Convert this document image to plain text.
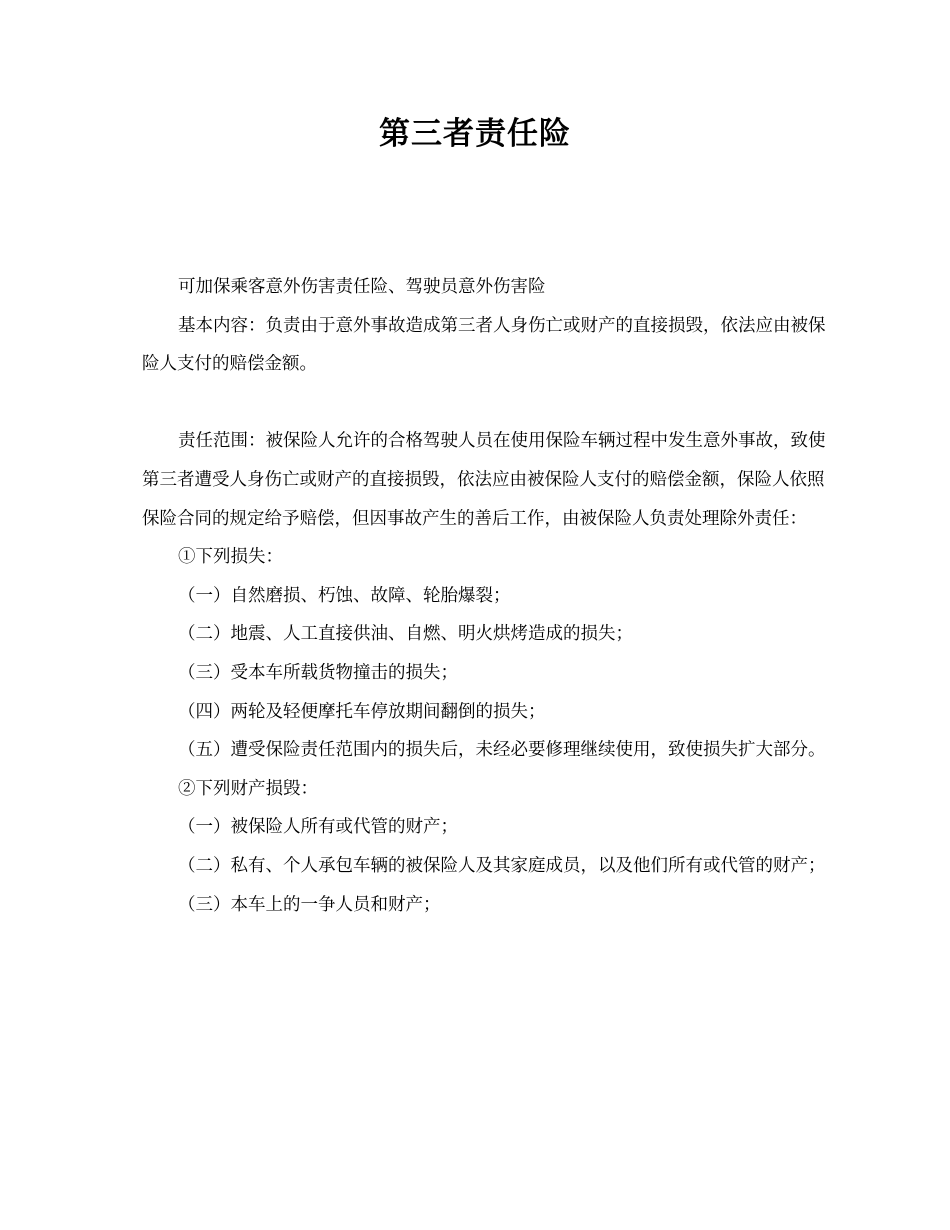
第三者责任险

可加保乘客意外伤害责任险、驾驶员意外伤害险

基本内容：负责由于意外事故造成第三者人身伤亡或财产的直接损毁，依法应由被保险人支付的赔偿金额。

责任范围：被保险人允许的合格驾驶人员在使用保险车辆过程中发生意外事故，致使第三者遭受人身伤亡或财产的直接损毁，依法应由被保险人支付的赔偿金额，保险人依照保险合同的规定给予赔偿，但因事故产生的善后工作，由被保险人负责处理除外责任：

①下列损失：

（一）自然磨损、朽蚀、故障、轮胎爆裂；

（二）地震、人工直接供油、自燃、明火烘烤造成的损失；

（三）受本车所载货物撞击的损失；

（四）两轮及轻便摩托车停放期间翻倒的损失；

（五）遭受保险责任范围内的损失后，未经必要修理继续使用，致使损失扩大部分。

②下列财产损毁：

（一）被保险人所有或代管的财产；

（二）私有、个人承包车辆的被保险人及其家庭成员，以及他们所有或代管的财产；

（三）本车上的一争人员和财产；
